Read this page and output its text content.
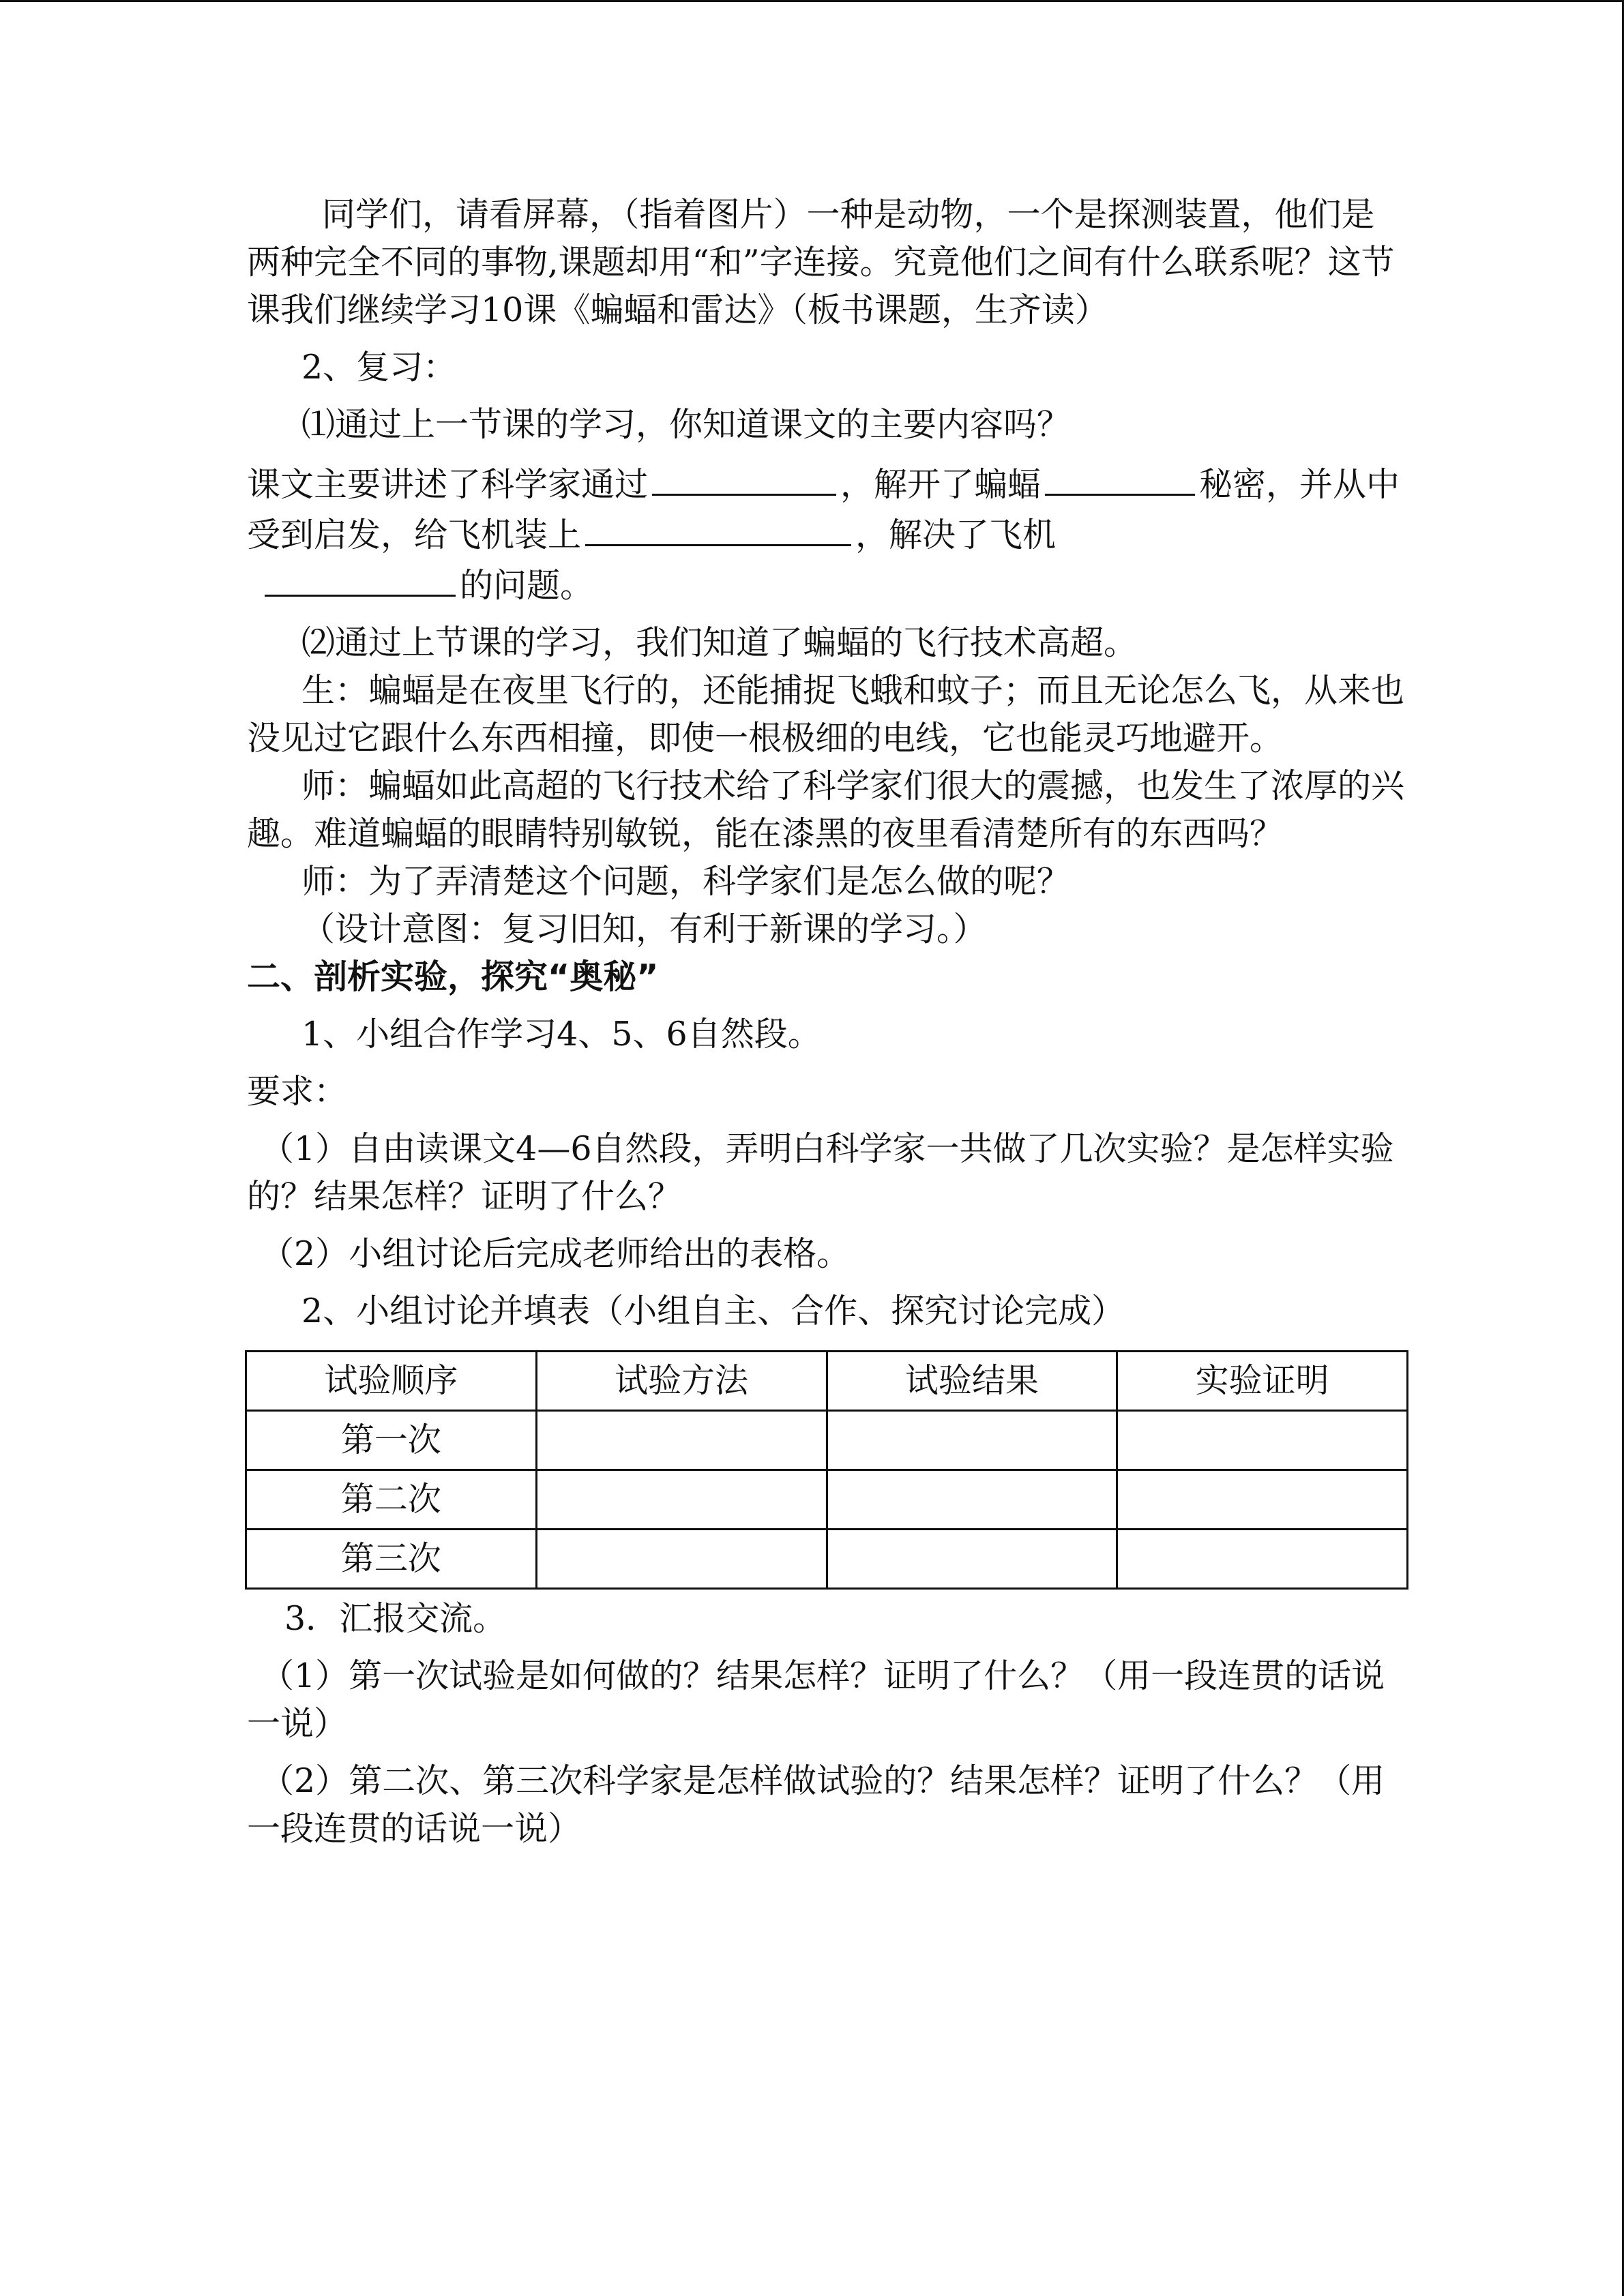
同学们，请看屏幕，（指着图片）一种是动物，一个是探测装置，他们是两种完全不同的事物,课题却用“和”字连接。究竟他们之间有什么联系呢？这节课我们继续学习10课《蝙蝠和雷达》（板书课题，生齐读）

2、复习：

⑴通过上一节课的学习，你知道课文的主要内容吗？

课文主要讲述了科学家通过	，解开了蝙蝠	秘密，并从中受到启发，给飞机装上	，解决了飞机
的问题。

⑵通过上节课的学习，我们知道了蝙蝠的飞行技术高超。

生：蝙蝠是在夜里飞行的，还能捕捉飞蛾和蚊子；而且无论怎么飞，从来也没见过它跟什么东西相撞，即使一根极细的电线，它也能灵巧地避开。

师：蝙蝠如此高超的飞行技术给了科学家们很大的震撼，也发生了浓厚的兴趣。难道蝙蝠的眼睛特别敏锐，能在漆黑的夜里看清楚所有的东西吗？

师：为了弄清楚这个问题，科学家们是怎么做的呢？

（设计意图：复习旧知，有利于新课的学习。）

二、剖析实验，探究“奥秘”

1、小组合作学习4、5、6自然段。

要求：

（1）自由读课文4—6自然段，弄明白科学家一共做了几次实验？是怎样实验的？结果怎样？证明了什么？

（2）小组讨论后完成老师给出的表格。

2、小组讨论并填表（小组自主、合作、探究讨论完成）

试验顺序	试验方法	试验结果	实验证明
第一次			
第二次			
第三次			

3．汇报交流。

（1）第一次试验是如何做的？结果怎样？证明了什么？（用一段连贯的话说一说）

（2）第二次、第三次科学家是怎样做试验的？结果怎样？证明了什么？（用一段连贯的话说一说）
